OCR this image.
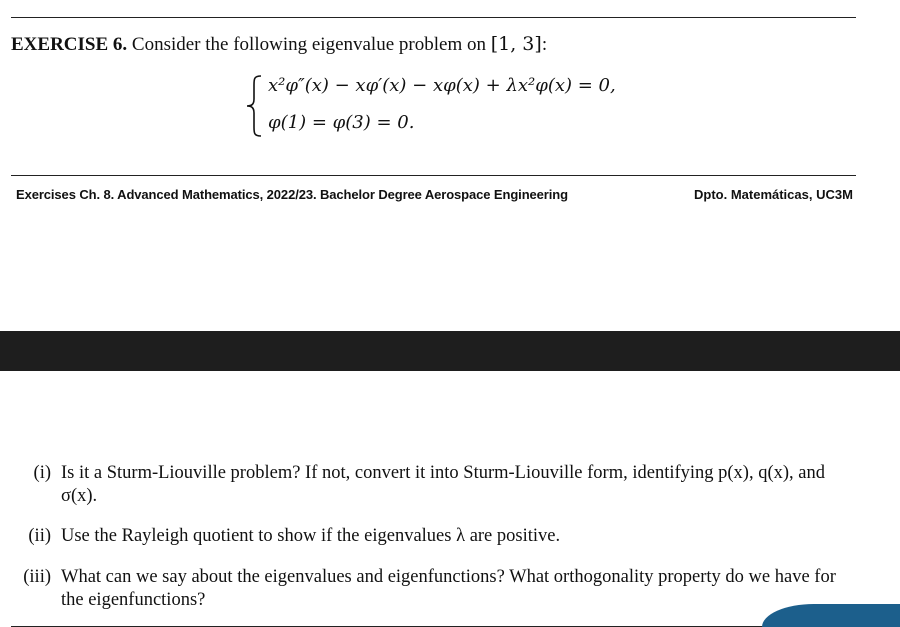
EXERCISE 6. Consider the following eigenvalue problem on [1, 3]:
x²φ″(x) − xφ′(x) − xφ(x) + λx²φ(x) = 0,
φ(1) = φ(3) = 0.
Exercises Ch. 8. Advanced Mathematics, 2022/23. Bachelor Degree Aerospace Engineering	Dpto. Matemáticas, UC3M
(i) Is it a Sturm-Liouville problem? If not, convert it into Sturm-Liouville form, identifying p(x), q(x), and σ(x).
(ii) Use the Rayleigh quotient to show if the eigenvalues λ are positive.
(iii) What can we say about the eigenvalues and eigenfunctions? What orthogonality property do we have for the eigenfunctions?
